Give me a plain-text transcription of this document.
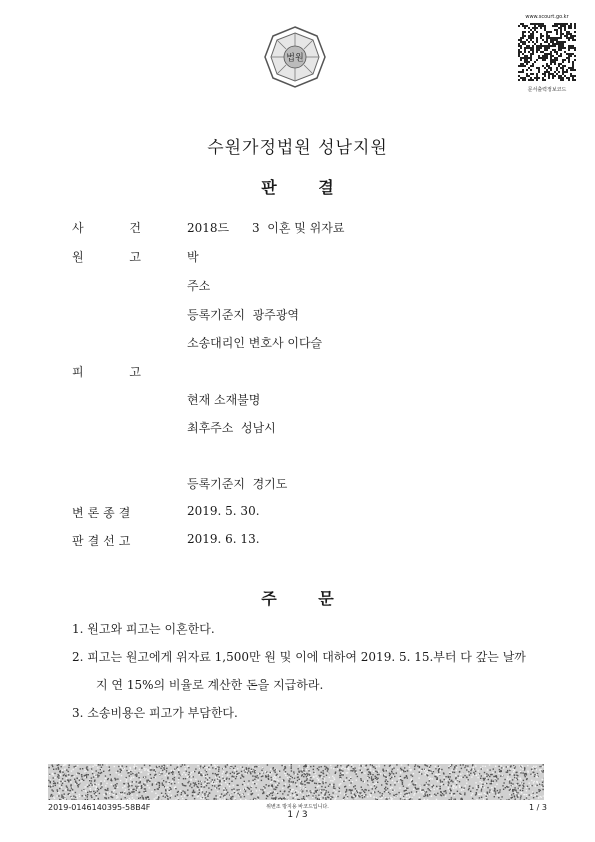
법원
www.scourt.go.kr
문서출력정보코드
수원가정법원 성남지원
판 결
사 건 2018드      3  이혼 및 위자료
원 고 박
주소
등록기준지  광주광역
소송대리인 변호사 이다슬
피 고
현재 소재불명
최후주소  성남시
등록기준지  경기도
변론종결	2019. 5. 30.
판결선고	2019. 6. 13.
주 문
1. 원고와 피고는 이혼한다.
2. 피고는 원고에게 위자료 1,500만 원 및 이에 대하여 2019. 5. 15.부터 다 갚는 날까
지 연 15%의 비율로 계산한 돈을 지급하라.
3. 소송비용은 피고가 부담한다.
2019-0146140395-58B4F	위변조 방지용 바코드입니다.
1 / 3
1 / 3
